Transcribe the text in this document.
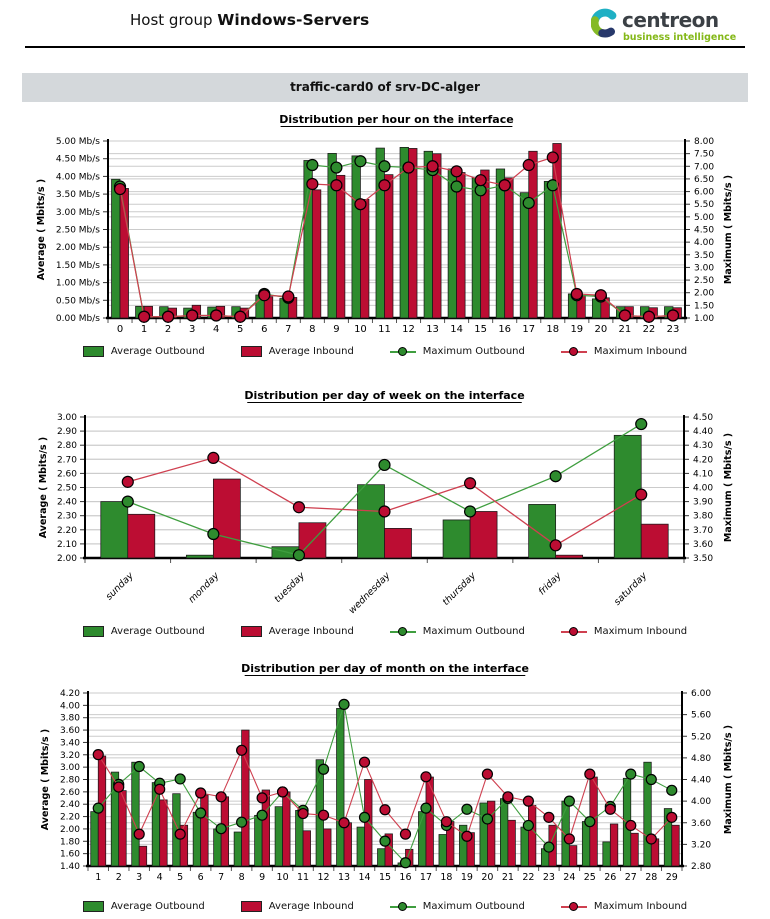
Host group Windows-Servers	centreon
business intelligence
traffic-card0 of srv-DC-alger
Distribution per hour on the interface
0.00 Mb/s
0.50 Mb/s
1.00 Mb/s
1.50 Mb/s
2.00 Mb/s
2.50 Mb/s
3.00 Mb/s
3.50 Mb/s
4.00 Mb/s
4.50 Mb/s
5.00 Mb/s
1.00
1.50
2.00
2.50
3.00
3.50
4.00
4.50
5.00
5.50
6.00
6.50
7.00
7.50
8.00
0 1 2 3 4 5 6 7 8 9 10 11 12 13 14 15 16 17 18 19 20 21 22 23
Average ( Mbits/s )	Maximum ( Mbits/s )
Average Outbound	Average Inbound	Maximum Outbound	Maximum Inbound
Distribution per day of week on the interface
2.00
2.10
2.20
2.30
2.40
2.50
2.60
2.70
2.80
2.90
3.00
3.50
3.60
3.70
3.80
3.90
4.00
4.10
4.20
4.30
4.40
4.50
sunday	monday	tuesday	wednesday	thursday	friday	saturday
Average ( Mbits/s )	Maximum ( Mbits/s )
Average Outbound	Average Inbound	Maximum Outbound	Maximum Inbound
Distribution per day of month on the interface
1.40
1.60
1.80
2.00
2.20
2.40
2.60
2.80
3.00
3.20
3.40
3.60
3.80
4.00
4.20
2.80
3.20
3.60
4.00
4.40
4.80
5.20
5.60
6.00
1 2 3 4 5 6 7 8 9 10 11 12 13 14 15 16 17 18 19 20 21 22 23 24 25 26 27 28 29
Average ( Mbits/s )	Maximum ( Mbits/s )
Average Outbound	Average Inbound	Maximum Outbound	Maximum Inbound
